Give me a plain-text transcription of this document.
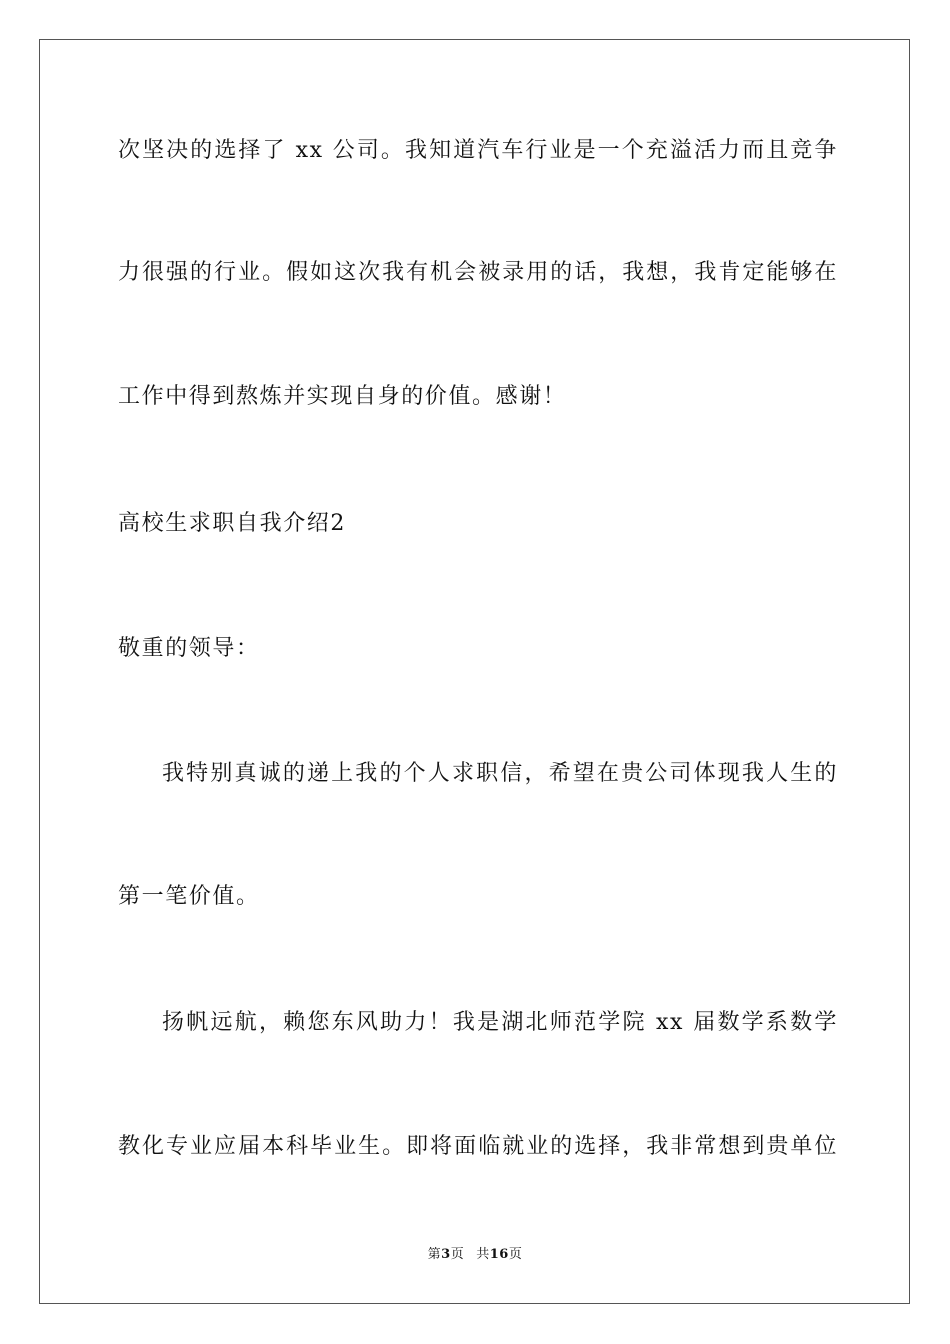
次坚决的选择了 xx 公司。我知道汽车行业是一个充溢活力而且竞争
力很强的行业。假如这次我有机会被录用的话，我想，我肯定能够在
工作中得到熬炼并实现自身的价值。感谢！
高校生求职自我介绍2
敬重的领导：
我特别真诚的递上我的个人求职信，希望在贵公司体现我人生的
第一笔价值。
扬帆远航，赖您东风助力！我是湖北师范学院 xx 届数学系数学
教化专业应届本科毕业生。即将面临就业的选择，我非常想到贵单位
第3页 共16页
